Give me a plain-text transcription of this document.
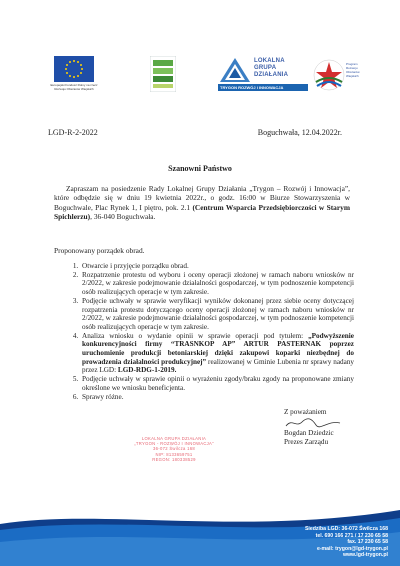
Europejski Fundusz Rolny na rzecz Rozwoju Obszarów Wiejskich
LOKALNA GRUPA DZIAŁANIA
TRYGON ROZWÓJ I INNOWACJA
Program Rozwoju Obszarów Wiejskich
LGD-R-2-2022	Boguchwała, 12.04.2022r.
Szanowni Państwo

Zapraszam na posiedzenie Rady Lokalnej Grupy Działania „Trygon – Rozwój i Innowacja”, które odbędzie się w dniu 19 kwietnia 2022r., o godz. 16:00 w Biurze Stowarzyszenia w Boguchwale, Plac Rynek 1, I piętro, pok. 2.1 (Centrum Wsparcia Przedsiębiorczości w Starym Spichlerzu), 36-040 Boguchwała.

Proponowany porządek obrad.

1. Otwarcie i przyjęcie porządku obrad.
2. Rozpatrzenie protestu od wyboru i oceny operacji złożonej w ramach naboru wniosków nr 2/2022, w zakresie podejmowanie działalności gospodarczej, w tym podnoszenie kompetencji osób realizujących operacje w tym zakresie.
3. Podjęcie uchwały w sprawie weryfikacji wyników dokonanej przez siebie oceny dotyczącej rozpatrzenia protestu dotyczącego oceny operacji złożonej w ramach naboru wniosków nr 2/2022, w zakresie podejmowanie działalności gospodarczej, w tym podnoszenie kompetencji osób realizujących operacje w tym zakresie.
4. Analiza wniosku o wydanie opinii w sprawie operacji pod tytułem: „Podwyższenie konkurencyjności firmy “TRASNKOP AP” ARTUR PASTERNAK poprzez uruchomienie produkcji betoniarskiej dzięki zakupowi koparki niezbędnej do prowadzenia działalności produkcyjnej” realizowanej w Gminie Lubenia nr sprawy nadany przez LGD: LGD-RDG-1-2019.
5. Podjęcie uchwały w sprawie opinii o wyrażeniu zgody/braku zgody na proponowane zmiany określone we wniosku beneficjenta.
6. Sprawy różne.
LOKALNA GRUPA DZIAŁANIA
„TRYGON - ROZWÓJ I INNOWACJA”
36-072 Świlcza 168
NIP: 8133659751
REGON: 180338529
Z poważaniem
Bogdan Dziedzic
Prezes Zarządu
Siedziba LGD: 36-072 Świlcza 168
tel. 690 166 271 / 17 230 65 58
fax. 17 230 65 58
e-mail: trygon@lgd-trygon.pl
www.lgd-trygon.pl
